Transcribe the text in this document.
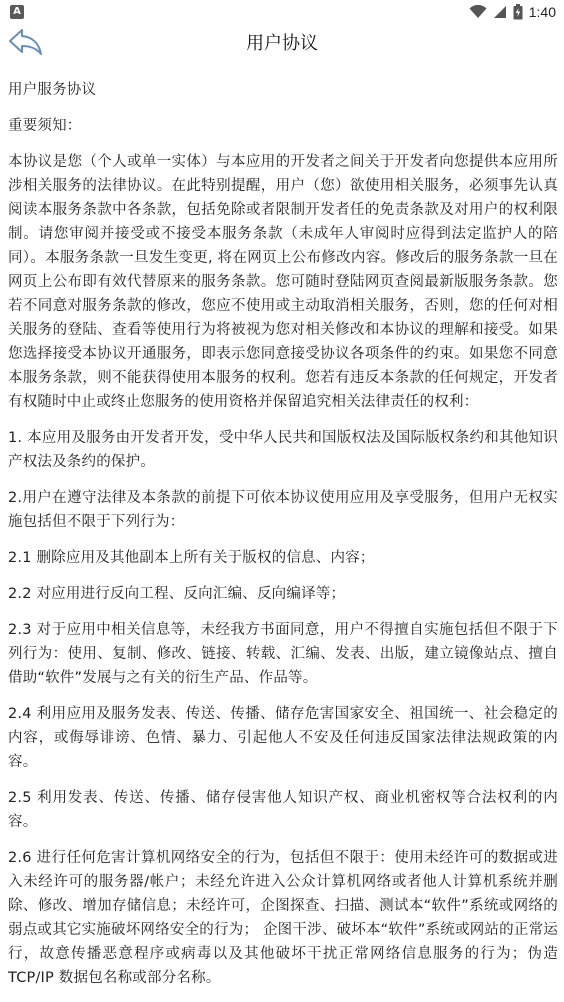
A	1:40
用户协议

用户服务协议

重要须知：

本协议是您（个人或单一实体）与本应用的开发者之间关于开发者向您提供本应用所涉相关服务的法律协议。在此特别提醒，用户（您）欲使用相关服务，必须事先认真阅读本服务条款中各条款，包括免除或者限制开发者任的免责条款及对用户的权利限制。请您审阅并接受或不接受本服务条款（未成年人审阅时应得到法定监护人的陪同）。本服务条款一旦发生变更, 将在网页上公布修改内容。修改后的服务条款一旦在网页上公布即有效代替原来的服务条款。您可随时登陆网页查阅最新版服务条款。您若不同意对服务条款的修改，您应不使用或主动取消相关服务，否则，您的任何对相关服务的登陆、查看等使用行为将被视为您对相关修改和本协议的理解和接受。如果您选择接受本协议开通服务，即表示您同意接受协议各项条件的约束。如果您不同意本服务条款，则不能获得使用本服务的权利。您若有违反本条款的任何规定，开发者有权随时中止或终止您服务的使用资格并保留追究相关法律责任的权利：

1. 本应用及服务由开发者开发，受中华人民共和国版权法及国际版权条约和其他知识产权法及条约的保护。

2.用户在遵守法律及本条款的前提下可依本协议使用应用及享受服务，但用户无权实施包括但不限于下列行为：

2.1 删除应用及其他副本上所有关于版权的信息、内容；

2.2 对应用进行反向工程、反向汇编、反向编译等；

2.3 对于应用中相关信息等，未经我方书面同意，用户不得擅自实施包括但不限于下列行为：使用、复制、修改、链接、转载、汇编、发表、出版，建立镜像站点、擅自借助“软件”发展与之有关的衍生产品、作品等。

2.4 利用应用及服务发表、传送、传播、储存危害国家安全、祖国统一、社会稳定的内容，或侮辱诽谤、色情、暴力、引起他人不安及任何违反国家法律法规政策的内容。

2.5 利用发表、传送、传播、储存侵害他人知识产权、商业机密权等合法权利的内容。

2.6 进行任何危害计算机网络安全的行为，包括但不限于：使用未经许可的数据或进入未经许可的服务器/帐户；未经允许进入公众计算机网络或者他人计算机系统并删除、修改、增加存储信息；未经许可，企图探查、扫描、测试本“软件”系统或网络的弱点或其它实施破坏网络安全的行为； 企图干涉、破坏本“软件”系统或网站的正常运行，故意传播恶意程序或病毒以及其他破坏干扰正常网络信息服务的行为；伪造 TCP/IP 数据包名称或部分名称。
